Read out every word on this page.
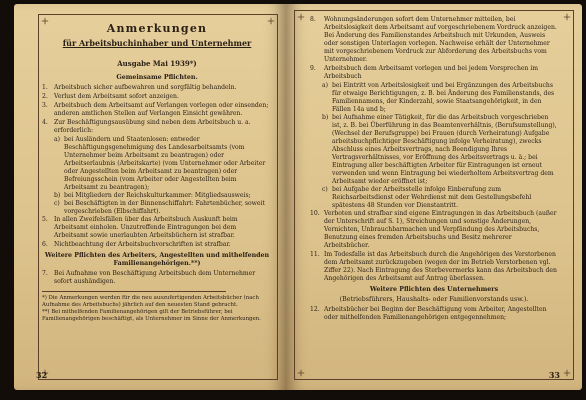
Anmerkungen
für Arbeitsbuchinhaber und Unternehmer
Ausgabe Mai 1939*)
Gemeinsame Pflichten.
1.	Arbeitsbuch sicher aufbewahren und sorgfältig behandeln.
2.	Verlust dem Arbeitsamt sofort anzeigen.
3.	Arbeitsbuch dem Arbeitsamt auf Verlangen vorlegen oder einsenden; anderen amtlichen Stellen auf Verlangen Einsicht gewähren.
4.	Zur Beschäftigungsausübung sind neben dem Arbeitsbuch u. a. erforderlich:
a) bei Ausländern und Staatenlosen: entweder Beschäftigungsgenehmigung des Landesarbeitsamts (vom Unternehmer beim Arbeitsamt zu beantragen) oder Arbeitserlaubnis (Arbeitskarte) (vom Unternehmer oder Arbeiter oder Angestellten beim Arbeitsamt zu beantragen) oder Befreiungsschein (vom Arbeiter oder Angestellten beim Arbeitsamt zu beantragen);
b) bei Mitgliedern der Reichskulturkammer: Mitgliedsausweis;
c) bei Beschäftigten in der Binnenschiffahrt: Fahrtenbücher, soweit vorgeschrieben (Elbschiffahrt).
5.	In allen Zweifelsfällen über das Arbeitsbuch Auskunft beim Arbeitsamt einholen. Unzutreffende Eintragungen bei dem Arbeitsamt sowie unerlaubten Arbeitsbüchern ist strafbar.
6.	Nichtbeachtung der Arbeitsbuchvorschriften ist strafbar.
Weitere Pflichten des Arbeiters, Angestellten und mithelfenden Familienangehörigen.**)
7.	Bei Aufnahme von Beschäftigung Arbeitsbuch dem Unternehmer sofort aushändigen.
*) Die Anmerkungen werden für die neu auszufertigenden Arbeitsbücher (nach Aufnahme des Arbeitsbuchs) jährlich auf den neuesten Stand gebracht.
**) Bei mithelfenden Familienangehörigen gilt der Betriebsführer, bei Familienangehörigen beschäftigt, als Unternehmer im Sinne der Anmerkungen.
32
8.	Wohnungsänderungen sofort dem Unternehmer mitteilen, bei Arbeitslosigkeit dem Arbeitsamt auf vorgeschriebenem Vordruck anzeigen. Bei Änderung des Familienstandes Arbeitsbuch mit Urkunden, Ausweis oder sonstigen Unterlagen vorlegen. Nachweise erhält der Unternehmer mit vorgeschriebenem Vordruck zur Abforderung des Arbeitsbuchs vom Unternehmer.
9.	Arbeitsbuch dem Arbeitsamt vorlegen und bei jedem Vorsprechen im Arbeitsbuch
a) bei Eintritt von Arbeitslosigkeit und bei Ergänzungen des Arbeitsbuchs für etwaige Berichtigungen, z. B. bei Änderung des Familienstands, des Familiennamens, der Kinderzahl, sowie Staatsangehörigkeit, in den Fällen 14a und b;
b) bei Aufnahme einer Tätigkeit, für die das Arbeitsbuch vorgeschrieben ist, z. B. bei Überführung in das Beamtenverhältnis, (Berufsumstellung), (Wechsel der Berufsgruppe) bei Frauen (durch Verheiratung) Aufgabe arbeitsbuchpflichtiger Beschäftigung infolge Verheiratung), zwecks Abschluss eines Arbeitsvertrags, nach Beendigung Ihres Vertragsverhältnisses, vor Eröffnung des Arbeitsvertrags u. ä.; bei Eintragung aller beschäftigten Arbeiter für Eintragungen ist erneut verwenden und wenn Eintragung bei wiederholtem Arbeitsvertrag dem Arbeitsamt wieder eröffnet ist;
c) bei Aufgabe der Arbeitsstelle infolge Einberufung zum Reichsarbeitsdienst oder Wehrdienst mit dem Gestellungsbefehl spätestens 48 Stunden vor Dienstantritt.
10. Verboten und strafbar sind eigene Eintragungen in das Arbeitsbuch (außer der Unterschrift auf S. 1), Streichungen und sonstige Änderungen, Vernichten, Unbrauchbarmachen und Verpfändung des Arbeitsbuchs, Benutzung eines fremden Arbeitsbuchs und Besitz mehrerer Arbeitsbücher.
11. Im Todesfalle ist das Arbeitsbuch durch die Angehörigen des Verstorbenen dem Arbeitsamt zurückzugeben (wegen der im Betrieb Verstorbenen vgl. Ziffer 22). Nach Eintragung des Sterbevermerks kann das Arbeitsbuch den Angehörigen des Arbeitsamt auf Antrag überlassen.
Weitere Pflichten des Unternehmers
(Betriebsführers, Haushalts- oder Familienvorstands usw.).
12. Arbeitsbücher bei Beginn der Beschäftigung vom Arbeiter, Angestellten oder mithelfenden Familienangehörigen entgegennehmen;
33
